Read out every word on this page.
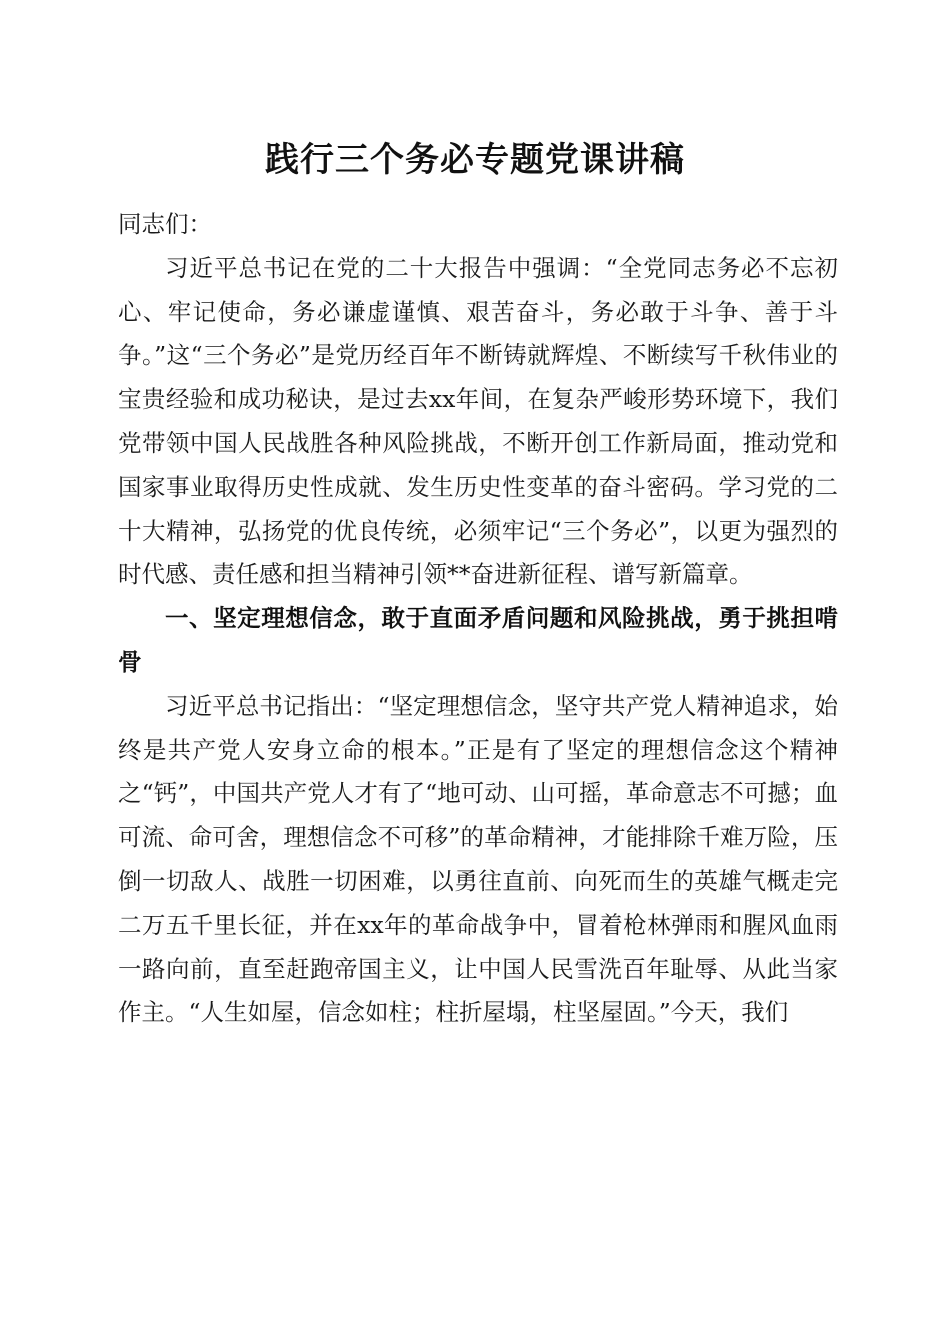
践行三个务必专题党课讲稿

同志们：

习近平总书记在党的二十大报告中强调：“全党同志务必不忘初心、牢记使命，务必谦虚谨慎、艰苦奋斗，务必敢于斗争、善于斗争。”这“三个务必”是党历经百年不断铸就辉煌、不断续写千秋伟业的宝贵经验和成功秘诀，是过去xx年间，在复杂严峻形势环境下，我们党带领中国人民战胜各种风险挑战，不断开创工作新局面，推动党和国家事业取得历史性成就、发生历史性变革的奋斗密码。学习党的二十大精神，弘扬党的优良传统，必须牢记“三个务必”，以更为强烈的时代感、责任感和担当精神引领**奋进新征程、谱写新篇章。

一、坚定理想信念，敢于直面矛盾问题和风险挑战，勇于挑担啃骨

习近平总书记指出：“坚定理想信念，坚守共产党人精神追求，始终是共产党人安身立命的根本。”正是有了坚定的理想信念这个精神之“钙”，中国共产党人才有了“地可动、山可摇，革命意志不可撼；血可流、命可舍，理想信念不可移”的革命精神，才能排除千难万险，压倒一切敌人、战胜一切困难，以勇往直前、向死而生的英雄气概走完二万五千里长征，并在xx年的革命战争中，冒着枪林弹雨和腥风血雨一路向前，直至赶跑帝国主义，让中国人民雪洗百年耻辱、从此当家作主。“人生如屋，信念如柱；柱折屋塌，柱坚屋固。”今天，我们
